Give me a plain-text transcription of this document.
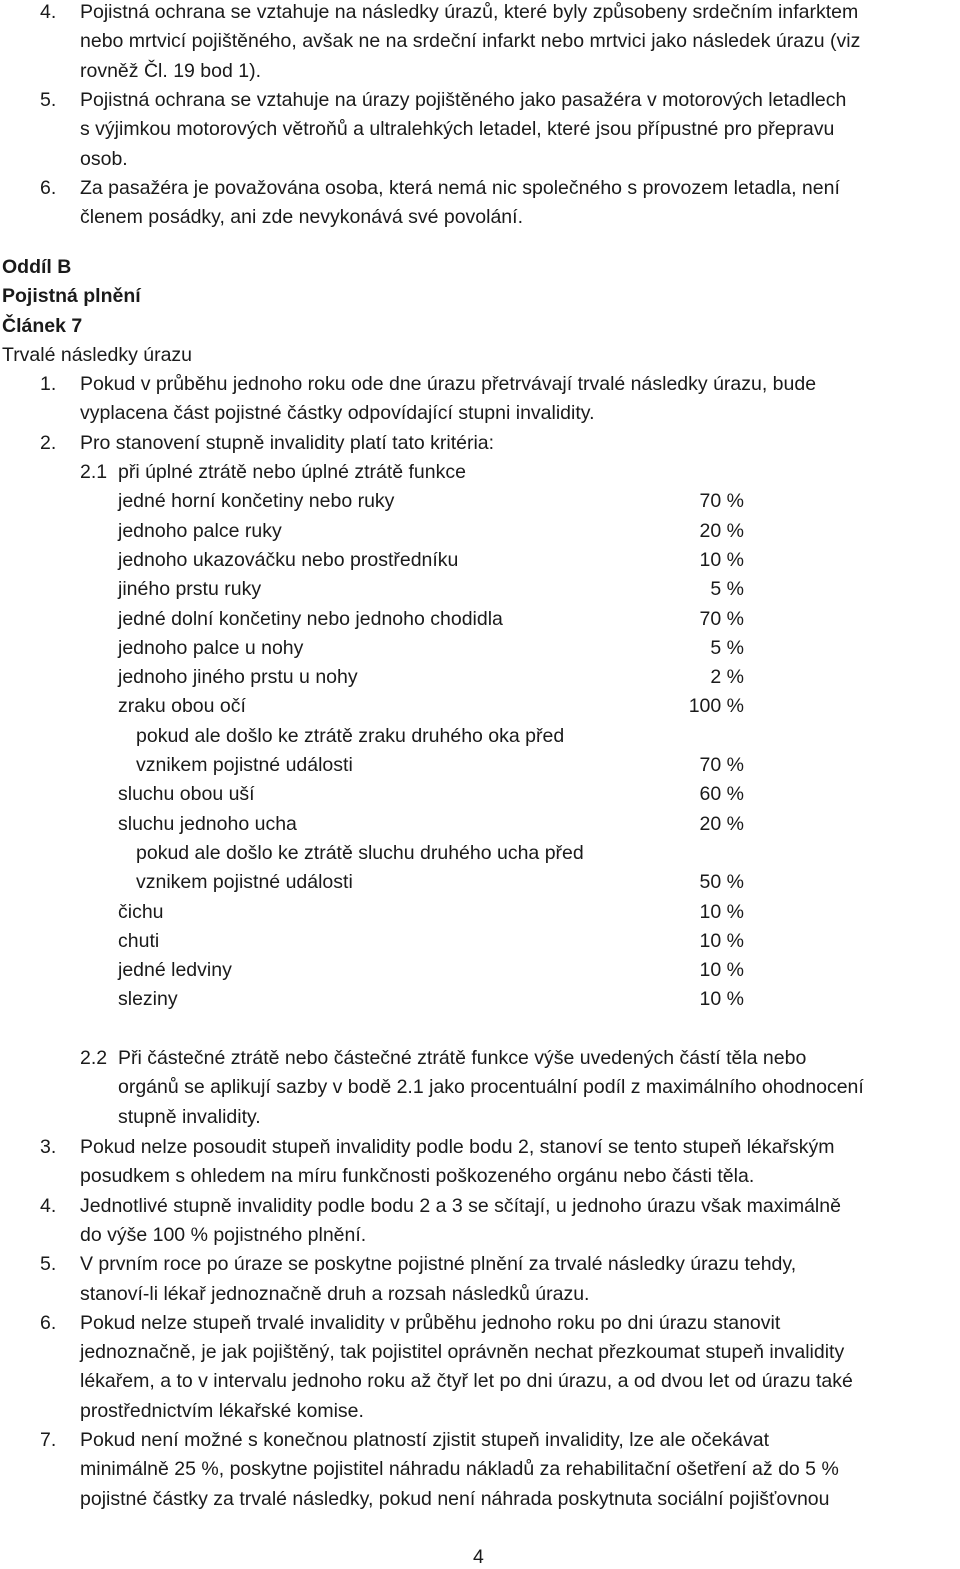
4. Pojistná ochrana se vztahuje na následky úrazů, které byly způsobeny srdečním infarktem
nebo mrtvicí pojištěného, avšak ne na srdeční infarkt nebo mrtvici jako následek úrazu (viz
rovněž Čl. 19 bod 1).
5. Pojistná ochrana se vztahuje na úrazy pojištěného jako pasažéra v motorových letadlech
s výjimkou motorových větroňů a ultralehkých letadel, které jsou přípustné pro přepravu
osob.
6. Za pasažéra je považována osoba, která nemá nic společného s provozem letadla, není
členem posádky, ani zde nevykonává své povolání.
Oddíl B
Pojistná plnění
Článek 7
Trvalé následky úrazu
1. Pokud v průběhu jednoho roku ode dne úrazu přetrvávají trvalé následky úrazu, bude
vyplacena část pojistné částky odpovídající stupni invalidity.
2. Pro stanovení stupně invalidity platí tato kritéria:
2.1 při úplné ztrátě nebo úplné ztrátě funkce
jedné horní končetiny nebo ruky	70 %
jednoho palce ruky	20 %
jednoho ukazováčku nebo prostředníku	10 %
jiného prstu ruky	5 %
jedné dolní končetiny nebo jednoho chodidla	70 %
jednoho palce u nohy	5 %
jednoho jiného prstu u nohy	2 %
zraku obou očí	100 %
pokud ale došlo ke ztrátě zraku druhého oka před
vznikem pojistné události	70 %
sluchu obou uší	60 %
sluchu jednoho ucha	20 %
pokud ale došlo ke ztrátě sluchu druhého ucha před
vznikem pojistné události	50 %
čichu	10 %
chuti	10 %
jedné ledviny	10 %
sleziny	10 %
2.2 Při částečné ztrátě nebo částečné ztrátě funkce výše uvedených částí těla nebo
orgánů se aplikují sazby v bodě 2.1 jako procentuální podíl z maximálního ohodnocení
stupně invalidity.
3. Pokud nelze posoudit stupeň invalidity podle bodu 2, stanoví se tento stupeň lékařským
posudkem s ohledem na míru funkčnosti poškozeného orgánu nebo části těla.
4. Jednotlivé stupně invalidity podle bodu 2 a 3 se sčítají, u jednoho úrazu však maximálně
do výše 100 % pojistného plnění.
5. V prvním roce po úraze se poskytne pojistné plnění za trvalé následky úrazu tehdy,
stanoví-li lékař jednoznačně druh a rozsah následků úrazu.
6. Pokud nelze stupeň trvalé invalidity v průběhu jednoho roku po dni úrazu stanovit
jednoznačně, je jak pojištěný, tak pojistitel oprávněn nechat přezkoumat stupeň invalidity
lékařem, a to v intervalu jednoho roku až čtyř let po dni úrazu, a od dvou let od úrazu také
prostřednictvím lékařské komise.
7. Pokud není možné s konečnou platností zjistit stupeň invalidity, lze ale očekávat
minimálně 25 %, poskytne pojistitel náhradu nákladů za rehabilitační ošetření až do 5 %
pojistné částky za trvalé následky, pokud není náhrada poskytnuta sociální pojišťovnou
4
